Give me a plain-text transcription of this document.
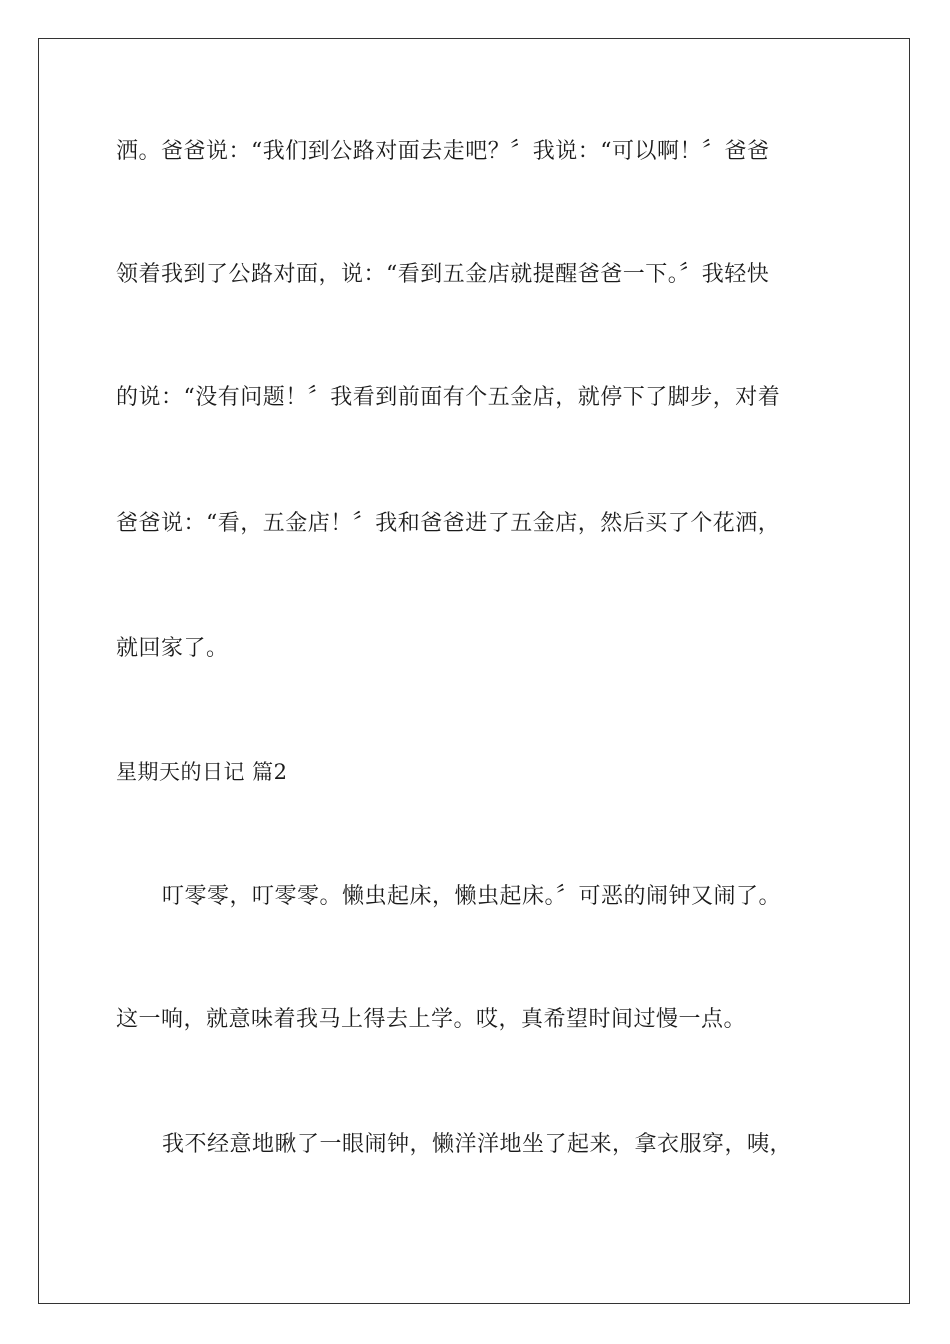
洒。爸爸说：“我们到公路对面去走吧？〞我说：“可以啊！〞爸爸
领着我到了公路对面，说：“看到五金店就提醒爸爸一下。〞我轻快
的说：“没有问题！〞我看到前面有个五金店，就停下了脚步，对着
爸爸说：“看，五金店！〞我和爸爸进了五金店，然后买了个花洒，
就回家了。
星期天的日记 篇2
叮零零，叮零零。懒虫起床，懒虫起床。〞可恶的闹钟又闹了。
这一响，就意味着我马上得去上学。哎，真希望时间过慢一点。
我不经意地瞅了一眼闹钟，懒洋洋地坐了起来，拿衣服穿，咦，
